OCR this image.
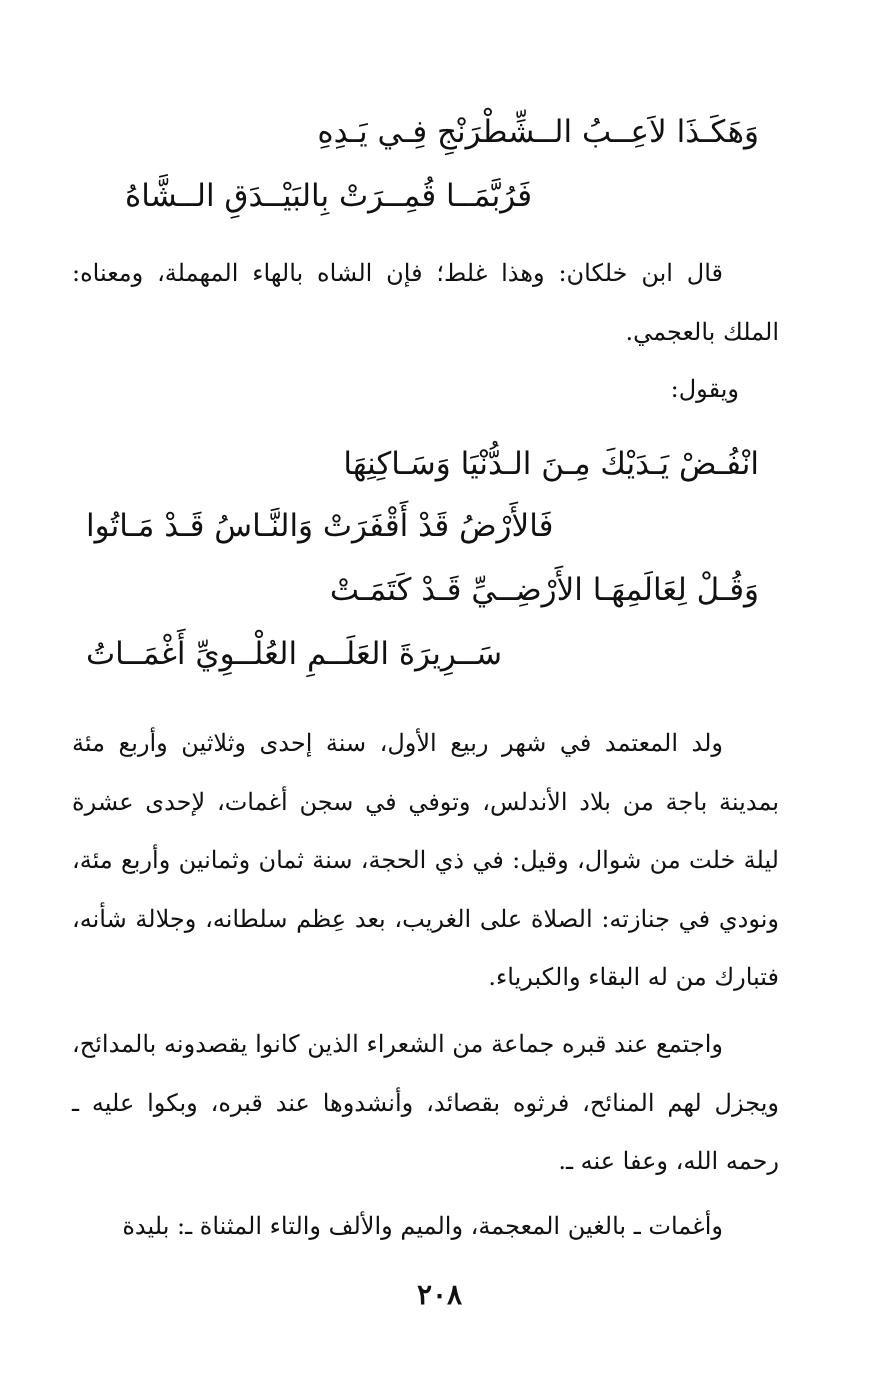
وَهَكَـذَا لاَعِــبُ الــشِّطْرَنْجِ فِـي يَـدِهِ
فَرُبَّمَــا قُمِــرَتْ بِالبَيْــدَقِ الــشَّاهُ
قال ابن خلكان: وهذا غلط؛ فإن الشاه بالهاء المهملة، ومعناه: الملك بالعجمي.
ويقول:
انْفُـضْ يَـدَيْكَ مِـنَ الـدُّنْيَا وَسَـاكِنِهَا
فَالأَرْضُ قَدْ أَقْفَرَتْ وَالنَّـاسُ قَـدْ مَـاتُوا
وَقُـلْ لِعَالَمِهَـا الأَرْضِــيِّ قَـدْ كَتَمَـتْ
سَــرِيرَةَ العَلَــمِ العُلْــوِيِّ أَغْمَــاتُ
ولد المعتمد في شهر ربيع الأول، سنة إحدى وثلاثين وأربع مئة بمدينة باجة من بلاد الأندلس، وتوفي في سجن أغمات، لإحدى عشرة ليلة خلت من شوال، وقيل: في ذي الحجة، سنة ثمان وثمانين وأربع مئة، ونودي في جنازته: الصلاة على الغريب، بعد عِظم سلطانه، وجلالة شأنه، فتبارك من له البقاء والكبرياء.
واجتمع عند قبره جماعة من الشعراء الذين كانوا يقصدونه بالمدائح، ويجزل لهم المنائح، فرثوه بقصائد، وأنشدوها عند قبره، وبكوا عليه ـ رحمه الله، وعفا عنه ـ.
وأغمات ـ بالغين المعجمة، والميم والألف والتاء المثناة ـ: بليدة
٢٠٨
